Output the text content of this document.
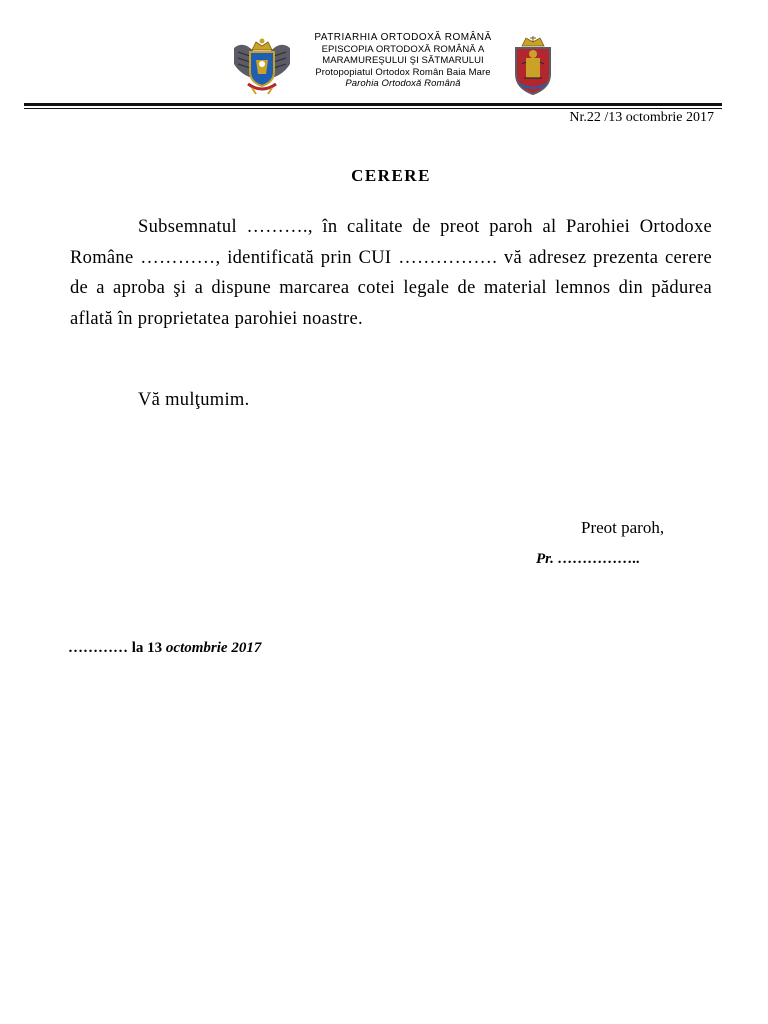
PATRIARHIA ORTODOXĂ ROMÂNĂ
EPISCOPIA ORTODOXĂ ROMÂNĂ A
MARAMUREŞULUI ŞI SĂTMARULUI
Protopopiatul Ortodox Român Baia Mare
Parohia Ortodoxă Română
Nr.22 /13 octombrie 2017
CERERE

Subsemnatul ………., în calitate de preot paroh al Parohiei Ortodoxe Române …………, identificată prin CUI ……………. vă adresez prezenta cerere de a aproba şi a dispune marcarea cotei legale de material lemnos din pădurea aflată în proprietatea parohiei noastre.

Vă mulţumim.
Preot paroh,
Pr. ……………..
………… la 13 octombrie 2017
